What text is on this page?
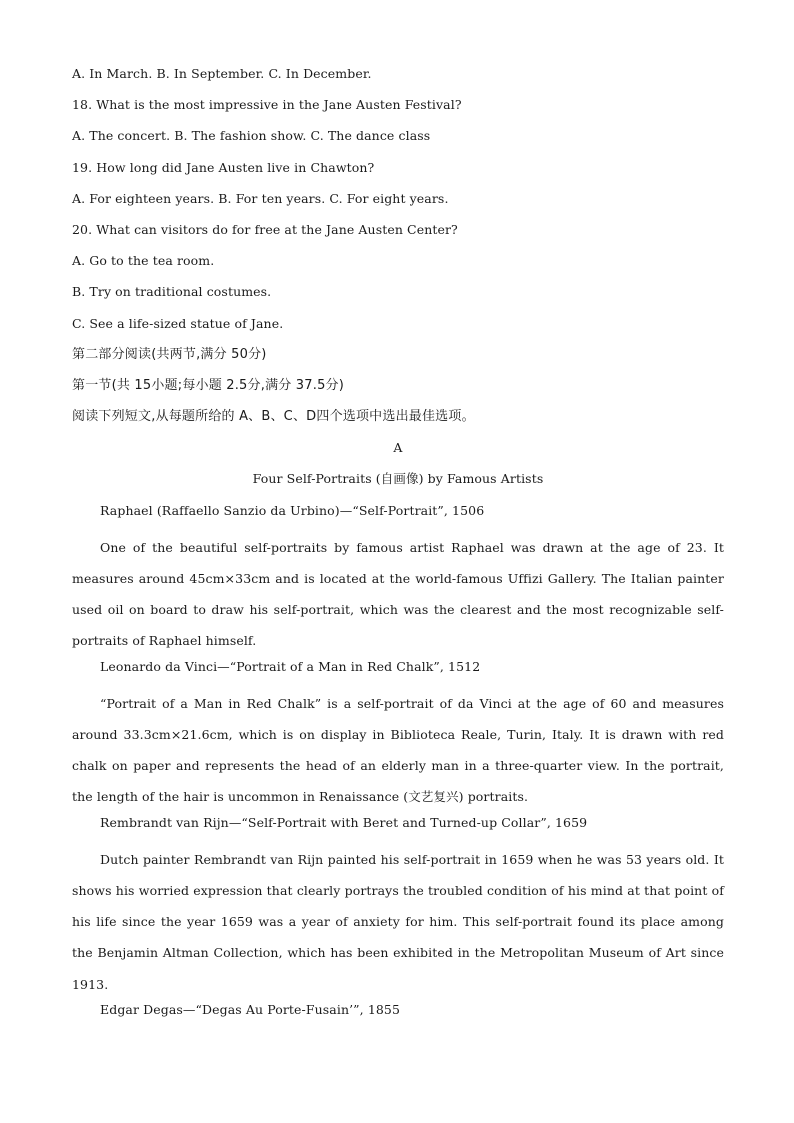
A. In March. B. In September. C. In December.
18. What is the most impressive in the Jane Austen Festival?
A. The concert. B. The fashion show. C. The dance class
19. How long did Jane Austen live in Chawton?
A. For eighteen years. B. For ten years. C. For eight years.
20. What can visitors do for free at the Jane Austen Center?
A. Go to the tea room.
B. Try on traditional costumes.
C. See a life-sized statue of Jane.
第二部分阅读(共两节,满分 50分)
第一节(共 15小题;每小题 2.5分,满分 37.5分)
阅读下列短文,从每题所给的 A、B、C、D四个选项中选出最佳选项。
A
Four Self-Portraits (自画像) by Famous Artists
Raphael (Raffaello Sanzio da Urbino)—“Self-Portrait”, 1506

One of the beautiful self-portraits by famous artist Raphael was drawn at the age of 23. It measures around 45cm×33cm and is located at the world-famous Uffizi Gallery. The Italian painter used oil on board to draw his self-portrait, which was the clearest and the most recognizable self-portraits of Raphael himself.

Leonardo da Vinci—“Portrait of a Man in Red Chalk”, 1512

“Portrait of a Man in Red Chalk” is a self-portrait of da Vinci at the age of 60 and measures around 33.3cm×21.6cm, which is on display in Biblioteca Reale, Turin, Italy. It is drawn with red chalk on paper and represents the head of an elderly man in a three-quarter view. In the portrait, the length of the hair is uncommon in Renaissance (文艺复兴) portraits.

Rembrandt van Rijn—“Self-Portrait with Beret and Turned-up Collar”, 1659

Dutch painter Rembrandt van Rijn painted his self-portrait in 1659 when he was 53 years old. It shows his worried expression that clearly portrays the troubled condition of his mind at that point of his life since the year 1659 was a year of anxiety for him. This self-portrait found its place among the Benjamin Altman Collection, which has been exhibited in the Metropolitan Museum of Art since 1913.

Edgar Degas—“Degas Au Porte-Fusain’”, 1855
